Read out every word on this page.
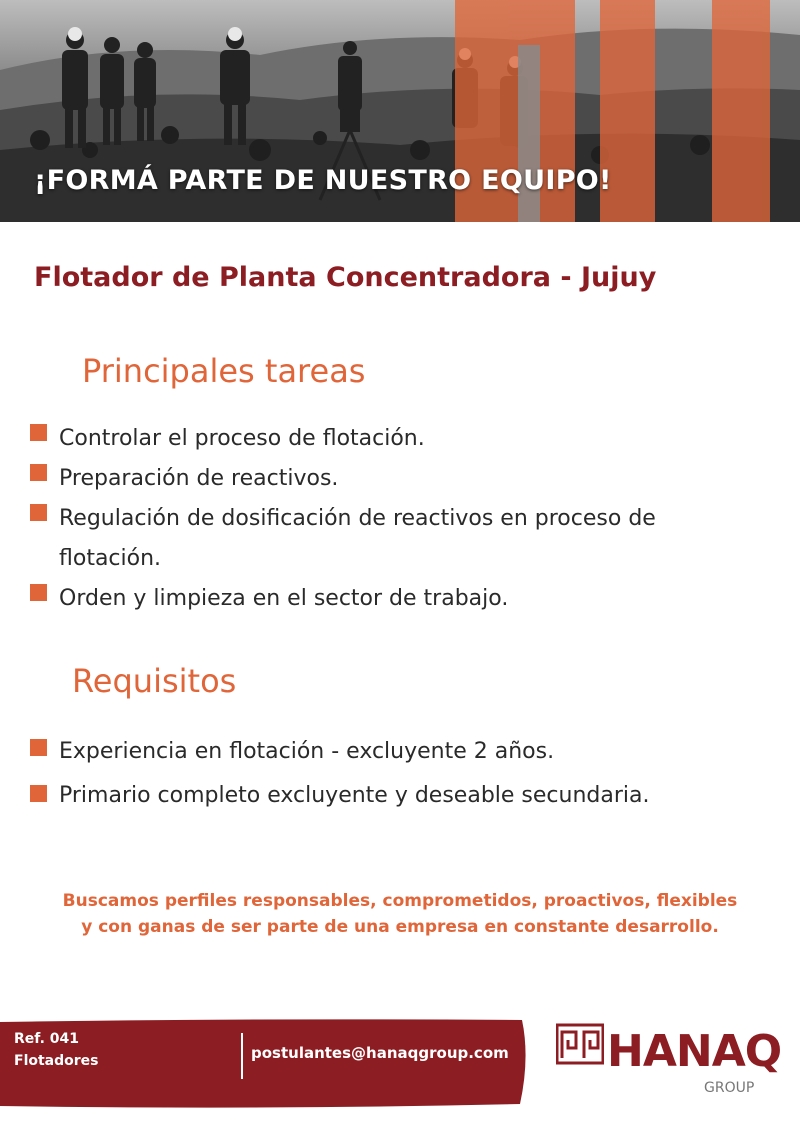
¡FORMÁ PARTE DE NUESTRO EQUIPO!
Flotador de Planta Concentradora - Jujuy
Principales tareas
Controlar el proceso de flotación.
Preparación de reactivos.
Regulación de dosificación de reactivos en proceso de flotación.
Orden y limpieza en el sector de trabajo.
Requisitos
Experiencia en flotación - excluyente 2 años.
Primario completo excluyente y deseable secundaria.
Buscamos perfiles responsables, comprometidos, proactivos, flexibles
y con ganas de ser parte de una empresa en constante desarrollo.
Ref. 041
Flotadores	postulantes@hanaqgroup.com HANAQ
GROUP
